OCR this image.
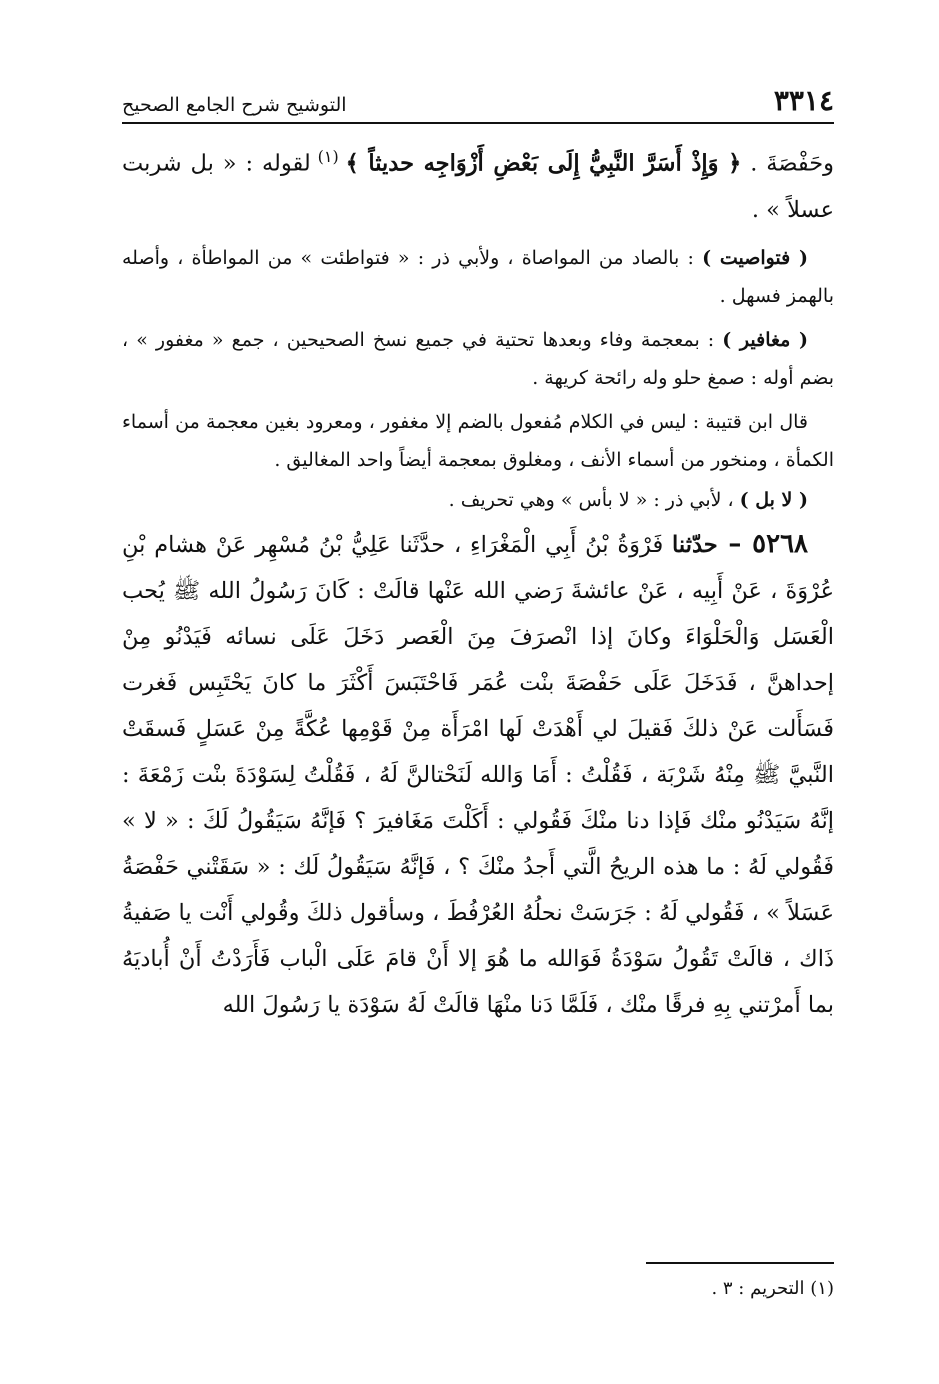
٣٣١٤
التوشيح شرح الجامع الصحيح

وحَفْصَةَ . ﴿ وَإِذْ أَسَرَّ النَّبِيُّ إِلَى بَعْضِ أَزْوَاجِه حديثاً ﴾ $^{(١)}$ لقوله : « بل شربت عسلاً » .

( فتواصيت ) : بالصاد من المواصاة ، ولأبي ذر : « فتواطئت » من المواطأة ، وأصله بالهمز فسهل .

( مغافير ) : بمعجمة وفاء وبعدها تحتية في جميع نسخ الصحيحين ، جمع « مغفور » ، بضم أوله : صمغ حلو وله رائحة كريهة .

قال ابن قتيبة : ليس في الكلام مُفعول بالضم إلا مغفور ، ومعرود بغين معجمة من أسماء الكمأة ، ومنخور من أسماء الأنف ، ومغلوق بمعجمة أيضاً واحد المغاليق .

( لا بل ) ، لأبي ذر : « لا بأس » وهي تحريف .

٥٢٦٨ – حدّثنا فَرْوَةُ بْنُ أَبِي الْمَغْرَاءِ ، حدَّثَنا عَلِيُّ بْنُ مُسْهِر عَنْ هشام بْنِ عُرْوَةَ ، عَنْ أَبِيه ، عَنْ عائشةَ رَضي الله عَنْها قالَتْ : كَانَ رَسُولُ الله ﷺ يُحب الْعَسَل وَالْحَلْوَاءَ وكانَ إذا انْصرَفَ مِنَ الْعَصر دَخَلَ عَلَى نسائه فَيَدْنُو مِنْ إحداهنَّ ، فَدَخَلَ عَلَى حَفْصَةَ بنْت عُمَر فَاحْتَبَسَ أَكْثَرَ ما كانَ يَحْتَبِس فَغرت فَسَأَلت عَنْ ذلكَ فَقيلَ لي أَهْدَتْ لَها امْرَأَة مِنْ قَوْمِها عُكَّةً مِنْ عَسَلٍ فَسقَتْ النَّبيَّ ﷺ مِنْهُ شَرْبَة ، فَقُلْتُ : أَمَا وَالله لَنَحْتالنَّ لَهُ ، فَقُلْتُ لِسَوْدَةَ بنْت زَمْعَةَ : إنَّهُ سَيَدْنُو منْك فَإذا دنا منْكَ فَقُولي : أَكَلْتَ مَغَافيرَ ؟ فَإنَّهُ سَيَقُولُ لَكَ : « لا » فَقُولي لَهُ : ما هذه الريحُ الَّتي أَجدُ منْكَ ؟ ، فَإنَّهُ سَيَقُولُ لَك : « سَقَتْني حَفْصَةُ عَسَلاً » ، فَقُولي لَهُ : جَرَسَتْ نحلُهُ العُرْفُطَ ، وسأقول ذلكَ وقُولي أَنْت يا صَفيةُ ذَاك ، قالَتْ تَقُولُ سَوْدَةُ فَوَالله ما هُوَ إلا أَنْ قامَ عَلَى الْباب فَأَرَدْتُ أَنْ أُباديَهُ بما أَمرْتني بِهِ فرقًا منْك ، فَلَمَّا دَنا منْهَا قالَتْ لَهُ سَوْدَة يا رَسُولَ الله

(١) التحريم : ٣ .
